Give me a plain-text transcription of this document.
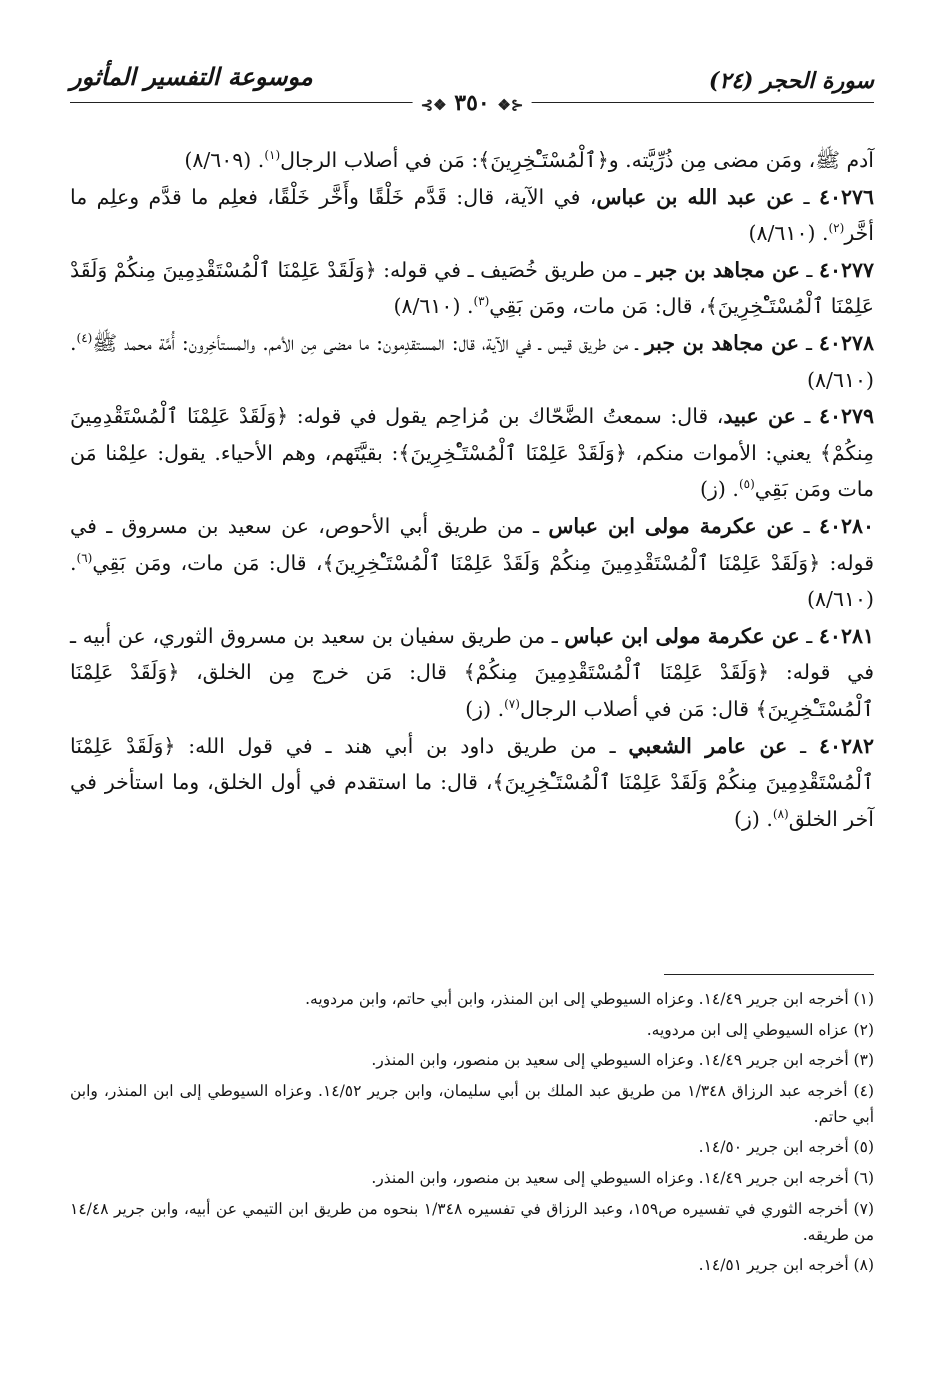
سورة الحجر (٢٤)
موسوعة التفسير المأثور
⊰❖ ٣٥٠ ❖⊱

آدم ﷺ، ومَن مضى مِن ذُرِّيَّته. و﴿ٱلْمُسْتَـْٔخِرِينَ﴾: مَن في أصلاب الرجال$^{(١)}$. (٨/٦٠٩)

٤٠٢٧٦ ـ عن عبد الله بن عباس، في الآية، قال: قَدَّم خَلْقًا وأَخَّر خَلْقًا، فعلِم ما قدَّم وعلِم ما أخَّر$^{(٢)}$. (٨/٦١٠)

٤٠٢٧٧ ـ عن مجاهد بن جبر ـ من طريق خُصَيف ـ في قوله: ﴿وَلَقَدْ عَلِمْنَا ٱلْمُسْتَقْدِمِينَ مِنكُمْ وَلَقَدْ عَلِمْنَا ٱلْمُسْتَـْٔخِرِينَ﴾، قال: مَن مات، ومَن بَقِي$^{(٣)}$. (٨/٦١٠)

٤٠٢٧٨ ـ عن مجاهد بن جبر ـ من طريق قيس ـ في الآية، قال: المستقدِمون: ما مضى مِن الأمم. والمستأخِرون: أُمَّة محمد ﷺ$^{(٤)}$. (٨/٦١٠)

٤٠٢٧٩ ـ عن عبيد، قال: سمعتُ الضَّحّاك بن مُزاحِم يقول في قوله: ﴿وَلَقَدْ عَلِمْنَا ٱلْمُسْتَقْدِمِينَ مِنكُمْ﴾ يعني: الأموات منكم، ﴿وَلَقَدْ عَلِمْنَا ٱلْمُسْتَـْٔخِرِينَ﴾: بقيَّتَهم، وهم الأحياء. يقول: علِمْنا مَن مات ومَن بَقِي$^{(٥)}$. (ز)

٤٠٢٨٠ ـ عن عكرمة مولى ابن عباس ـ من طريق أبي الأحوص، عن سعيد بن مسروق ـ في قوله: ﴿وَلَقَدْ عَلِمْنَا ٱلْمُسْتَقْدِمِينَ مِنكُمْ وَلَقَدْ عَلِمْنَا ٱلْمُسْتَـْٔخِرِينَ﴾، قال: مَن مات، ومَن بَقِي$^{(٦)}$. (٨/٦١٠)

٤٠٢٨١ ـ عن عكرمة مولى ابن عباس ـ من طريق سفيان بن سعيد بن مسروق الثوري، عن أبيه ـ في قوله: ﴿وَلَقَدْ عَلِمْنَا ٱلْمُسْتَقْدِمِينَ مِنكُمْ﴾ قال: مَن خرج مِن الخلق، ﴿وَلَقَدْ عَلِمْنَا ٱلْمُسْتَـْٔخِرِينَ﴾ قال: مَن في أصلاب الرجال$^{(٧)}$. (ز)

٤٠٢٨٢ ـ عن عامر الشعبي ـ من طريق داود بن أبي هند ـ في قول الله: ﴿وَلَقَدْ عَلِمْنَا ٱلْمُسْتَقْدِمِينَ مِنكُمْ وَلَقَدْ عَلِمْنَا ٱلْمُسْتَـْٔخِرِينَ﴾، قال: ما استقدم في أول الخلق، وما استأخر في آخر الخلق$^{(٨)}$. (ز)

(١) أخرجه ابن جرير ١٤/٤٩. وعزاه السيوطي إلى ابن المنذر، وابن أبي حاتم، وابن مردويه.

(٢) عزاه السيوطي إلى ابن مردويه.

(٣) أخرجه ابن جرير ١٤/٤٩. وعزاه السيوطي إلى سعيد بن منصور، وابن المنذر.

(٤) أخرجه عبد الرزاق ١/٣٤٨ من طريق عبد الملك بن أبي سليمان، وابن جرير ١٤/٥٢. وعزاه السيوطي إلى ابن المنذر، وابن أبي حاتم.

(٥) أخرجه ابن جرير ١٤/٥٠.

(٦) أخرجه ابن جرير ١٤/٤٩. وعزاه السيوطي إلى سعيد بن منصور، وابن المنذر.

(٧) أخرجه الثوري في تفسيره ص١٥٩، وعبد الرزاق في تفسيره ١/٣٤٨ بنحوه من طريق ابن التيمي عن أبيه، وابن جرير ١٤/٤٨ من طريقه.

(٨) أخرجه ابن جرير ١٤/٥١.
